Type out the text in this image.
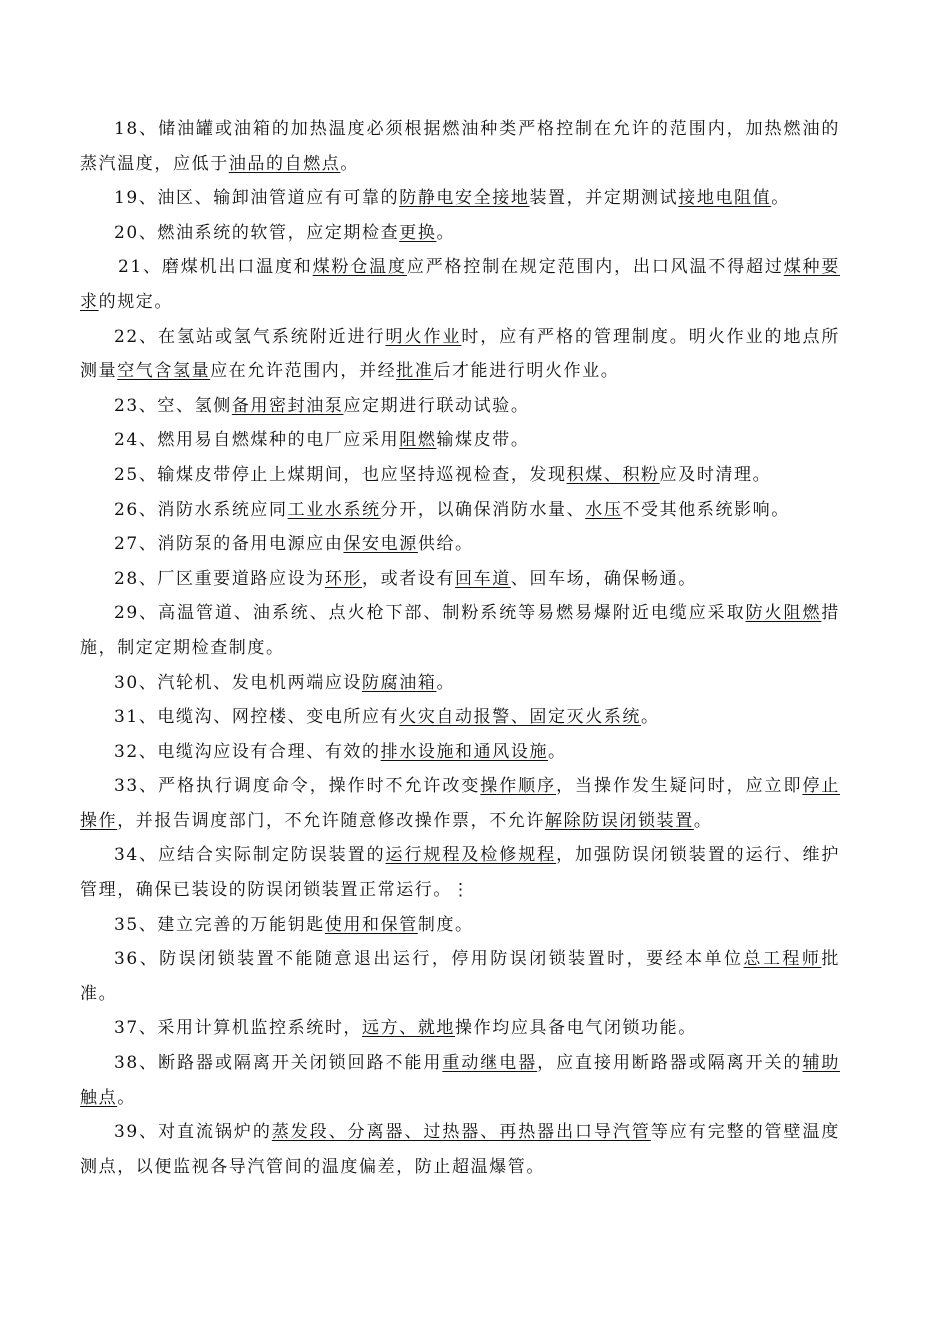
18、储油罐或油箱的加热温度必须根据燃油种类严格控制在允许的范围内，加热燃油的蒸汽温度，应低于油品的自燃点。

19、油区、输卸油管道应有可靠的防静电安全接地装置，并定期测试接地电阻值。

20、燃油系统的软管，应定期检查更换。

21、磨煤机出口温度和煤粉仓温度应严格控制在规定范围内，出口风温不得超过煤种要求的规定。

22、在氢站或氢气系统附近进行明火作业时，应有严格的管理制度。明火作业的地点所测量空气含氢量应在允许范围内，并经批准后才能进行明火作业。

23、空、氢侧备用密封油泵应定期进行联动试验。

24、燃用易自燃煤种的电厂应采用阻燃输煤皮带。

25、输煤皮带停止上煤期间，也应坚持巡视检查，发现积煤、积粉应及时清理。

26、消防水系统应同工业水系统分开，以确保消防水量、水压不受其他系统影响。

27、消防泵的备用电源应由保安电源供给。

28、厂区重要道路应设为环形，或者设有回车道、回车场，确保畅通。

29、高温管道、油系统、点火枪下部、制粉系统等易燃易爆附近电缆应采取防火阻燃措施，制定定期检查制度。

30、汽轮机、发电机两端应设防腐油箱。

31、电缆沟、网控楼、变电所应有火灾自动报警、固定灭火系统。

32、电缆沟应设有合理、有效的排水设施和通风设施。

33、严格执行调度命令，操作时不允许改变操作顺序，当操作发生疑问时，应立即停止操作，并报告调度部门，不允许随意修改操作票，不允许解除防误闭锁装置。

34、应结合实际制定防误装置的运行规程及检修规程，加强防误闭锁装置的运行、维护管理，确保已装设的防误闭锁装置正常运行。⋮

35、建立完善的万能钥匙使用和保管制度。

36、防误闭锁装置不能随意退出运行，停用防误闭锁装置时，要经本单位总工程师批准。

37、采用计算机监控系统时，远方、就地操作均应具备电气闭锁功能。

38、断路器或隔离开关闭锁回路不能用重动继电器，应直接用断路器或隔离开关的辅助触点。

39、对直流锅炉的蒸发段、分离器、过热器、再热器出口导汽管等应有完整的管壁温度测点，以便监视各导汽管间的温度偏差，防止超温爆管。
